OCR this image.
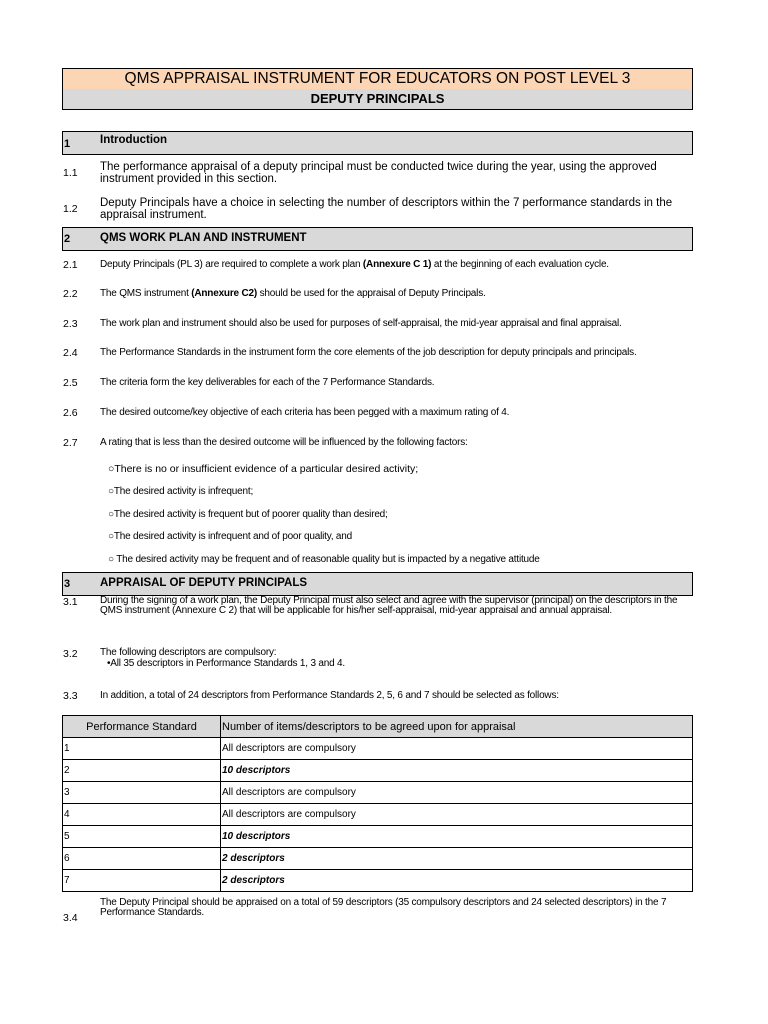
QMS APPRAISAL INSTRUMENT FOR EDUCATORS ON POST LEVEL 3
DEPUTY PRINCIPALS
1	Introduction
1.1 The performance appraisal of a deputy principal must be conducted twice during the year, using the approved instrument provided in this section.
1.2 Deputy Principals have a choice in selecting the number of descriptors within the 7 performance standards in the appraisal instrument.
2	QMS WORK PLAN AND INSTRUMENT
2.1 Deputy Principals (PL 3) are required to complete a work plan (Annexure C 1) at the beginning of each evaluation cycle.
2.2 The QMS instrument (Annexure C2) should be used for the appraisal of Deputy Principals.
2.3 The work plan and instrument should also be used for purposes of self-appraisal, the mid-year appraisal and final appraisal.
2.4 The Performance Standards in the instrument form the core elements of the job description for deputy principals and principals.
2.5 The criteria form the key deliverables for each of the 7 Performance Standards.
2.6 The desired outcome/key objective of each criteria has been pegged with a maximum rating of 4.
2.7 A rating that is less than the desired outcome will be influenced by the following factors:
○There is no or insufficient evidence of a particular desired activity;
○The desired activity is infrequent;
○The desired activity is frequent but of poorer quality than desired;
○The desired activity is infrequent and of poor quality, and
○ The desired activity may be frequent and of reasonable quality but is impacted by a negative attitude
3	APPRAISAL OF DEPUTY PRINCIPALS
3.1 During the signing of a work plan, the Deputy Principal must also select and agree with the supervisor (principal) on the descriptors in the QMS instrument (Annexure C 2) that will be applicable for his/her self-appraisal, mid-year appraisal and annual appraisal.
3.2 The following descriptors are compulsory:
•All 35 descriptors in Performance Standards 1, 3 and 4.
3.3 In addition, a total of 24 descriptors from Performance Standards 2, 5, 6 and 7 should be selected as follows:
Performance Standard	Number of items/descriptors to be agreed upon for appraisal
1	All descriptors are compulsory
2	10 descriptors
3	All descriptors are compulsory
4	All descriptors are compulsory
5	10 descriptors
6	2 descriptors
7	2 descriptors
3.4
The Deputy Principal should be appraised on a total of 59 descriptors (35 compulsory descriptors and 24 selected descriptors) in the 7 Performance Standards.
